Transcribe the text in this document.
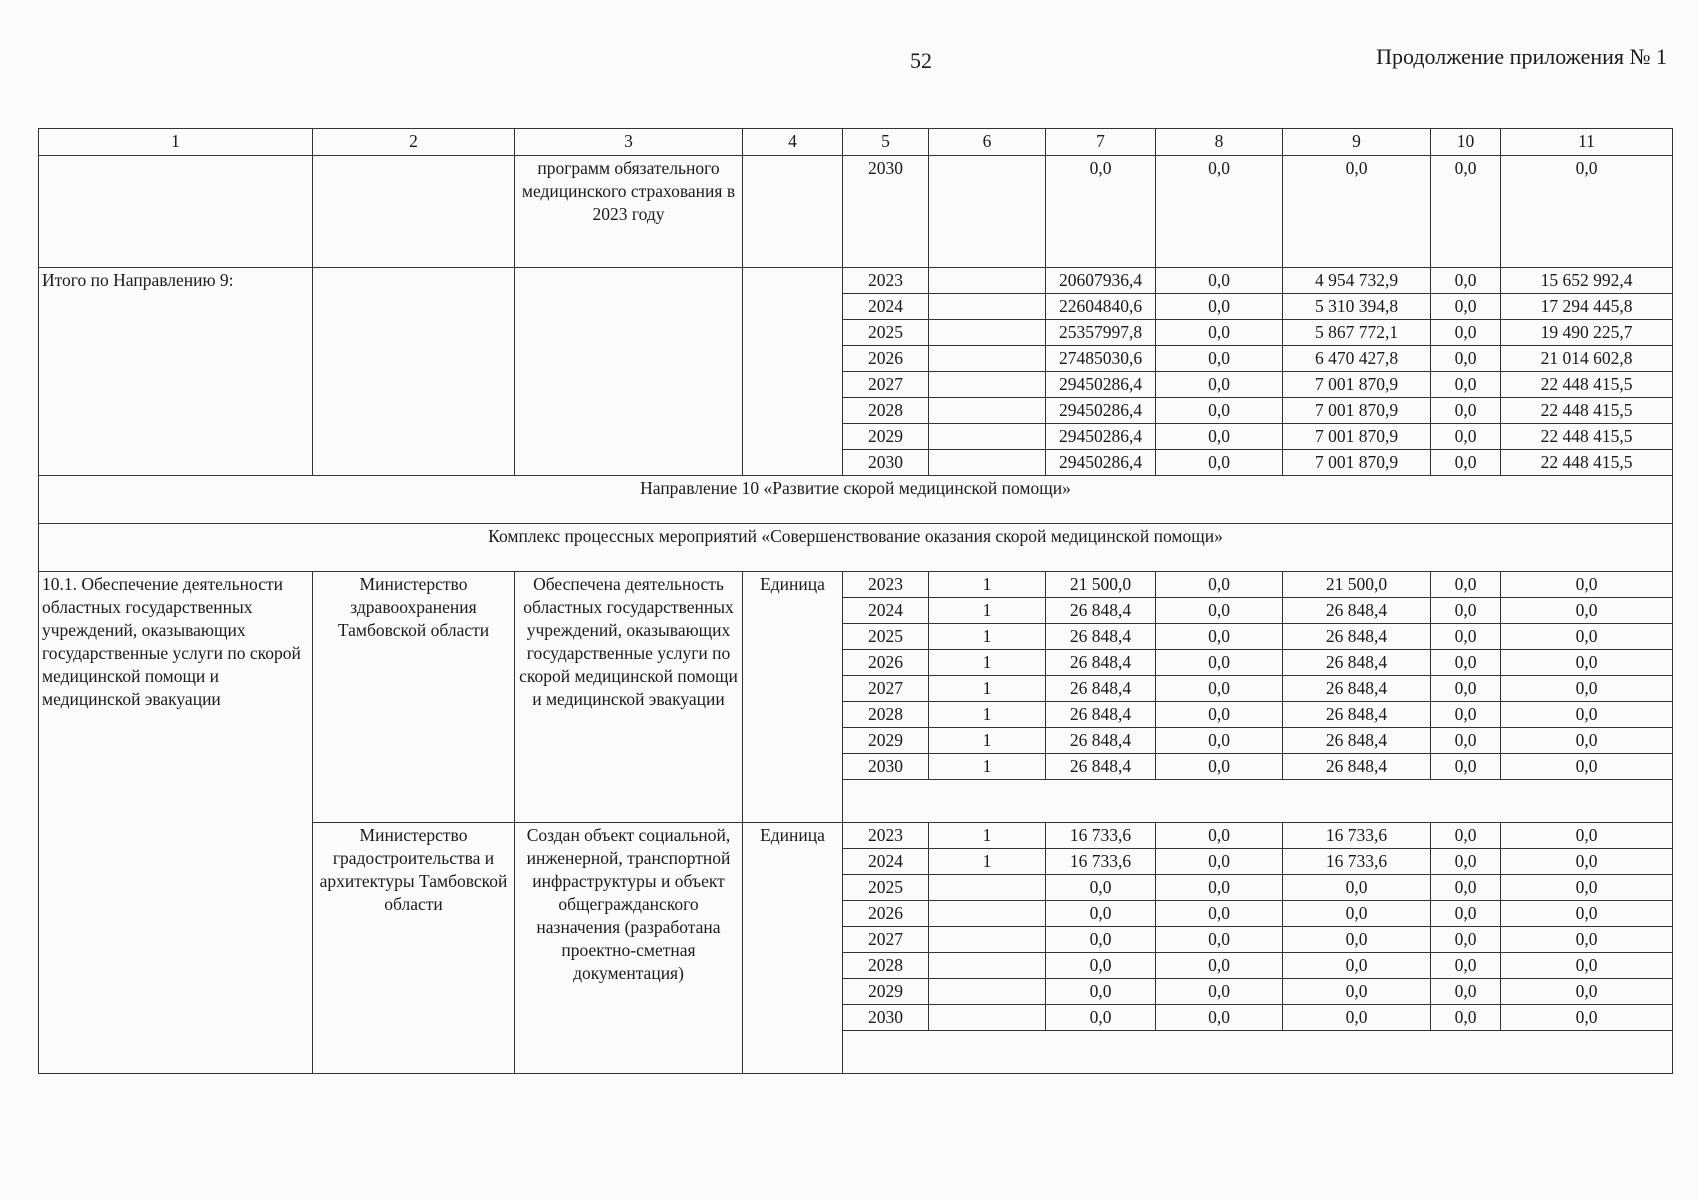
52	Продолжение приложения № 1
1	2	3	4	5	6	7	8	9	10	11
		программ обязательного медицинского страхования в 2023 году		2030		0,0	0,0	0,0	0,0	0,0
Итого по Направлению 9:				2023		20607936,4	0,0	4 954 732,9	0,0	15 652 992,4
				2024		22604840,6	0,0	5 310 394,8	0,0	17 294 445,8
				2025		25357997,8	0,0	5 867 772,1	0,0	19 490 225,7
				2026		27485030,6	0,0	6 470 427,8	0,0	21 014 602,8
				2027		29450286,4	0,0	7 001 870,9	0,0	22 448 415,5
				2028		29450286,4	0,0	7 001 870,9	0,0	22 448 415,5
				2029		29450286,4	0,0	7 001 870,9	0,0	22 448 415,5
				2030		29450286,4	0,0	7 001 870,9	0,0	22 448 415,5
Направление 10 «Развитие скорой медицинской помощи»										
Комплекс процессных мероприятий «Совершенствование оказания скорой медицинской помощи»										
10.1. Обеспечение деятельности областных государственных учреждений, оказывающих государственные услуги по скорой медицинской помощи и медицинской эвакуации	Министерство здравоохранения Тамбовской области	Обеспечена деятельность областных государственных учреждений, оказывающих государственные услуги по скорой медицинской помощи и медицинской эвакуации	Единица	2023	1	21 500,0	0,0	21 500,0	0,0	0,0
				2024	1	26 848,4	0,0	26 848,4	0,0	0,0
				2025	1	26 848,4	0,0	26 848,4	0,0	0,0
				2026	1	26 848,4	0,0	26 848,4	0,0	0,0
				2027	1	26 848,4	0,0	26 848,4	0,0	0,0
				2028	1	26 848,4	0,0	26 848,4	0,0	0,0
				2029	1	26 848,4	0,0	26 848,4	0,0	0,0
				2030	1	26 848,4	0,0	26 848,4	0,0	0,0

	Министерство градостроительства и архитектуры Тамбовской области	Создан объект социальной, инженерной, транспортной инфраструктуры и объект общегражданского назначения (разработана проектно-сметная документация)	Единица	2023	1	16 733,6	0,0	16 733,6	0,0	0,0
				2024	1	16 733,6	0,0	16 733,6	0,0	0,0
				2025		0,0	0,0	0,0	0,0	0,0
				2026		0,0	0,0	0,0	0,0	0,0
				2027		0,0	0,0	0,0	0,0	0,0
				2028		0,0	0,0	0,0	0,0	0,0
				2029		0,0	0,0	0,0	0,0	0,0
				2030		0,0	0,0	0,0	0,0	0,0
